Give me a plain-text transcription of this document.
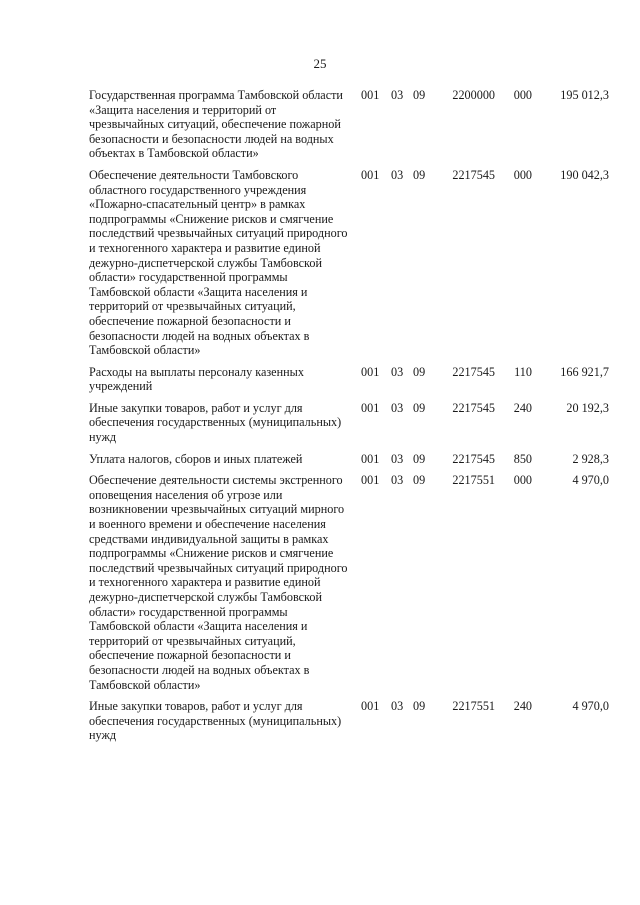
25
Государственная программа Тамбовской области «Защита населения и территорий от чрезвычайных ситуаций, обеспечение пожарной безопасности и безопасности людей на водных объектах в Тамбовской области»	001	03	09	2200000	000	195 012,3
Обеспечение деятельности Тамбовского областного государственного учреждения «Пожарно-спасательный центр» в рамках подпрограммы «Снижение рисков и смягчение последствий чрезвычайных ситуаций природного и техногенного характера и развитие единой дежурно-диспетчерской службы Тамбовской области» государственной программы Тамбовской области «Защита населения и территорий от чрезвычайных ситуаций, обеспечение пожарной безопасности и безопасности людей на водных объектах в Тамбовской области»	001	03	09	2217545	000	190 042,3
Расходы на выплаты персоналу казенных учреждений	001	03	09	2217545	110	166 921,7
Иные закупки товаров, работ и услуг для обеспечения государственных (муниципальных) нужд	001	03	09	2217545	240	20 192,3
Уплата налогов, сборов и иных платежей	001	03	09	2217545	850	2 928,3
Обеспечение деятельности системы экстренного оповещения населения об угрозе или возникновении чрезвычайных ситуаций мирного и военного времени и обеспечение населения средствами индивидуальной защиты в рамках подпрограммы «Снижение рисков и смягчение последствий чрезвычайных ситуаций природного и техногенного характера и развитие единой дежурно-диспетчерской службы Тамбовской области» государственной программы Тамбовской области «Защита населения и территорий от чрезвычайных ситуаций, обеспечение пожарной безопасности и безопасности людей на водных объектах в Тамбовской области»	001	03	09	2217551	000	4 970,0
Иные закупки товаров, работ и услуг для обеспечения государственных (муниципальных) нужд	001	03	09	2217551	240	4 970,0
